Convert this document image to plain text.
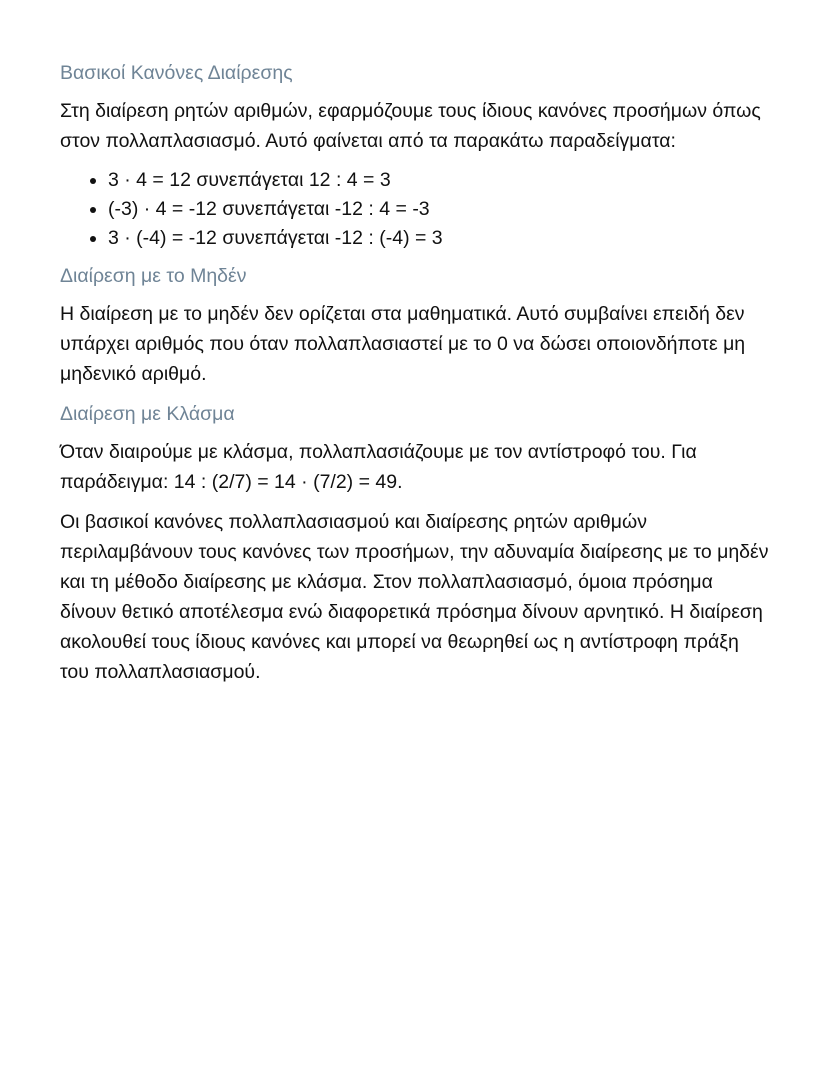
Βασικοί Κανόνες Διαίρεσης

Στη διαίρεση ρητών αριθμών, εφαρμόζουμε τους ίδιους κανόνες προσήμων όπως στον πολλαπλασιασμό. Αυτό φαίνεται από τα παρακάτω παραδείγματα:

• 3 · 4 = 12 συνεπάγεται 12 : 4 = 3
• (-3) · 4 = -12 συνεπάγεται -12 : 4 = -3
• 3 · (-4) = -12 συνεπάγεται -12 : (-4) = 3
Διαίρεση με το Μηδέν

Η διαίρεση με το μηδέν δεν ορίζεται στα μαθηματικά. Αυτό συμβαίνει επειδή δεν υπάρχει αριθμός που όταν πολλαπλασιαστεί με το 0 να δώσει οποιονδήποτε μη μηδενικό αριθμό.

Διαίρεση με Κλάσμα

Όταν διαιρούμε με κλάσμα, πολλαπλασιάζουμε με τον αντίστροφό του. Για παράδειγμα: 14 : (2/7) = 14 · (7/2) = 49.

Οι βασικοί κανόνες πολλαπλασιασμού και διαίρεσης ρητών αριθμών περιλαμβάνουν τους κανόνες των προσήμων, την αδυναμία διαίρεσης με το μηδέν και τη μέθοδο διαίρεσης με κλάσμα. Στον πολλαπλασιασμό, όμοια πρόσημα δίνουν θετικό αποτέλεσμα ενώ διαφορετικά πρόσημα δίνουν αρνητικό. Η διαίρεση ακολουθεί τους ίδιους κανόνες και μπορεί να θεωρηθεί ως η αντίστροφη πράξη του πολλαπλασιασμού.
